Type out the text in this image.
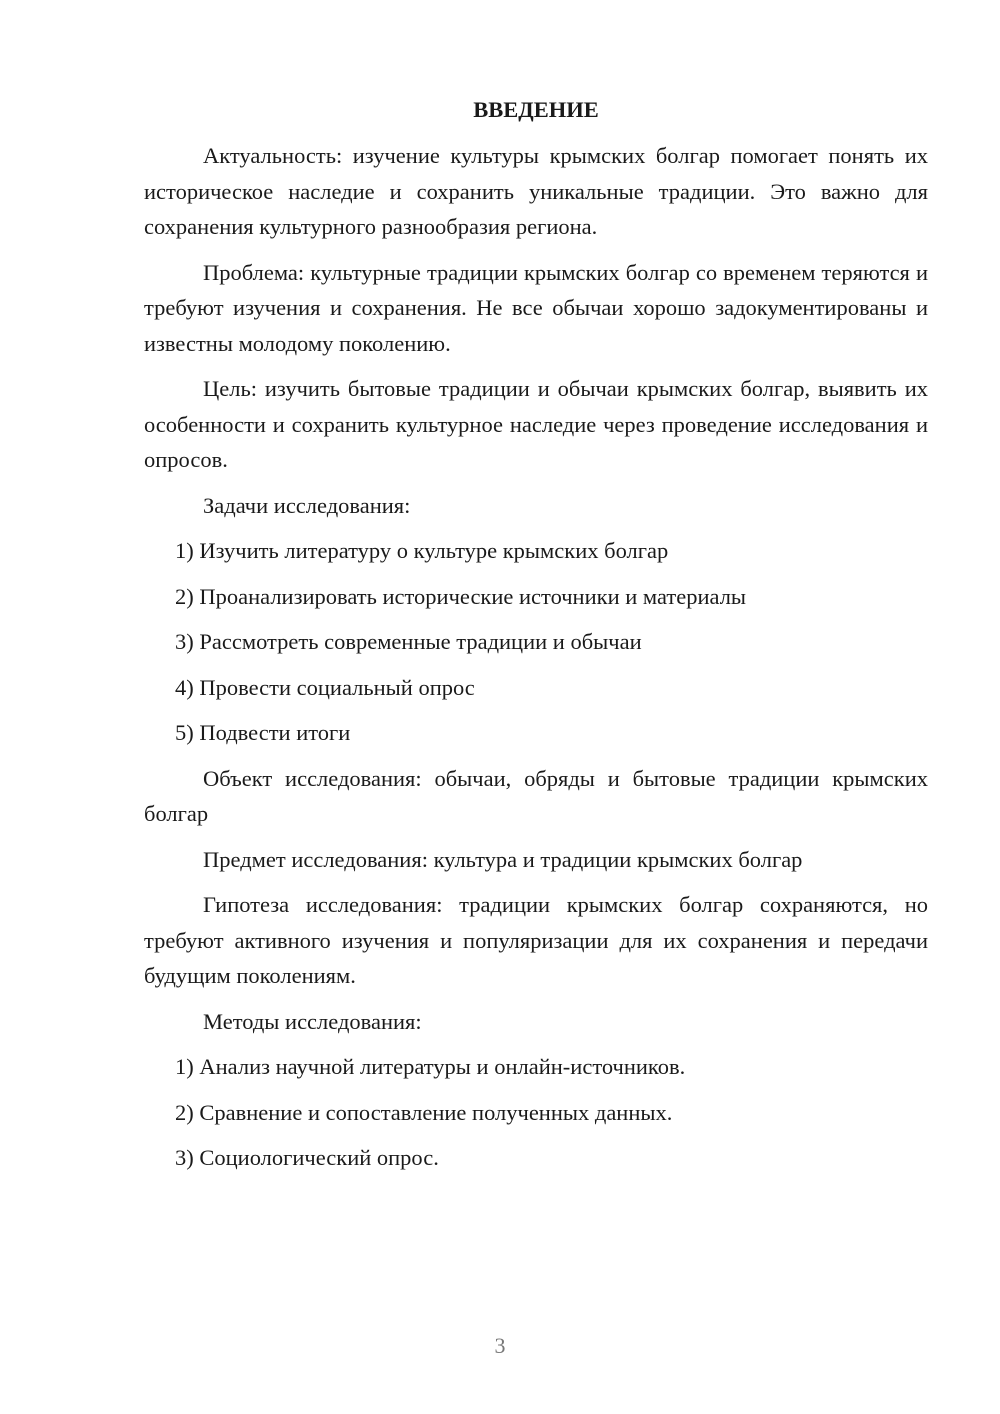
ВВЕДЕНИЕ

Актуальность: изучение культуры крымских болгар помогает понять их историческое наследие и сохранить уникальные традиции. Это важно для сохранения культурного разнообразия региона.

Проблема: культурные традиции крымских болгар со временем теряются и требуют изучения и сохранения. Не все обычаи хорошо задокументированы и известны молодому поколению.

Цель: изучить бытовые традиции и обычаи крымских болгар, выявить их особенности и сохранить культурное наследие через проведение исследования и опросов.

Задачи исследования:

1) Изучить литературу о культуре крымских болгар
2) Проанализировать исторические источники и материалы
3) Рассмотреть современные традиции и обычаи
4) Провести социальный опрос
5) Подвести итоги

Объект исследования: обычаи, обряды и бытовые традиции крымских болгар

Предмет исследования: культура и традиции крымских болгар

Гипотеза исследования: традиции крымских болгар сохраняются, но требуют активного изучения и популяризации для их сохранения и передачи будущим поколениям.

Методы исследования:

1) Анализ научной литературы и онлайн-источников.
2) Сравнение и сопоставление полученных данных.
3) Социологический опрос.
3
